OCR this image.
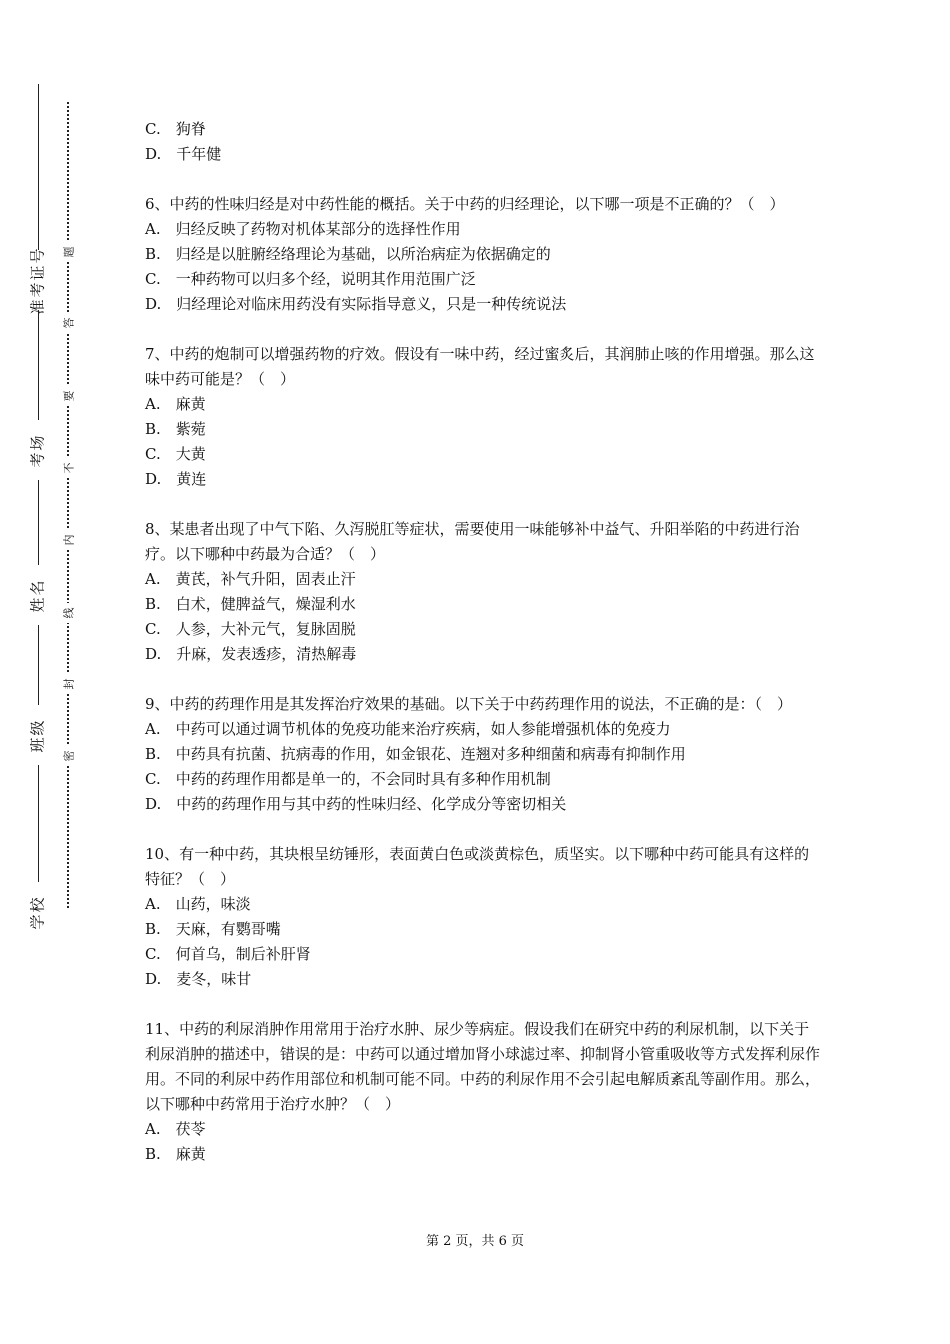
准考证号
考场
姓名
班级
学校
题
答
要
不
内
线
封
密
C.  狗脊
D.  千年健
6、中药的性味归经是对中药性能的概括。关于中药的归经理论，以下哪一项是不正确的？（　）
A.  归经反映了药物对机体某部分的选择性作用
B.  归经是以脏腑经络理论为基础，以所治病症为依据确定的
C.  一种药物可以归多个经，说明其作用范围广泛
D.  归经理论对临床用药没有实际指导意义，只是一种传统说法
7、中药的炮制可以增强药物的疗效。假设有一味中药，经过蜜炙后，其润肺止咳的作用增强。那么这味中药可能是？（　）
A.  麻黄
B.  紫菀
C.  大黄
D.  黄连
8、某患者出现了中气下陷、久泻脱肛等症状，需要使用一味能够补中益气、升阳举陷的中药进行治疗。以下哪种中药最为合适？（　）
A.  黄芪，补气升阳，固表止汗
B.  白术，健脾益气，燥湿利水
C.  人参，大补元气，复脉固脱
D.  升麻，发表透疹，清热解毒
9、中药的药理作用是其发挥治疗效果的基础。以下关于中药药理作用的说法，不正确的是：（　）
A.  中药可以通过调节机体的免疫功能来治疗疾病，如人参能增强机体的免疫力
B.  中药具有抗菌、抗病毒的作用，如金银花、连翘对多种细菌和病毒有抑制作用
C.  中药的药理作用都是单一的，不会同时具有多种作用机制
D.  中药的药理作用与其中药的性味归经、化学成分等密切相关
10、有一种中药，其块根呈纺锤形，表面黄白色或淡黄棕色，质坚实。以下哪种中药可能具有这样的特征？（　）
A.  山药，味淡
B.  天麻，有鹦哥嘴
C.  何首乌，制后补肝肾
D.  麦冬，味甘
11、中药的利尿消肿作用常用于治疗水肿、尿少等病症。假设我们在研究中药的利尿机制，以下关于利尿消肿的描述中，错误的是：中药可以通过增加肾小球滤过率、抑制肾小管重吸收等方式发挥利尿作用。不同的利尿中药作用部位和机制可能不同。中药的利尿作用不会引起电解质紊乱等副作用。那么，以下哪种中药常用于治疗水肿？（　）
A.  茯苓
B.  麻黄
第 2 页，共 6 页
